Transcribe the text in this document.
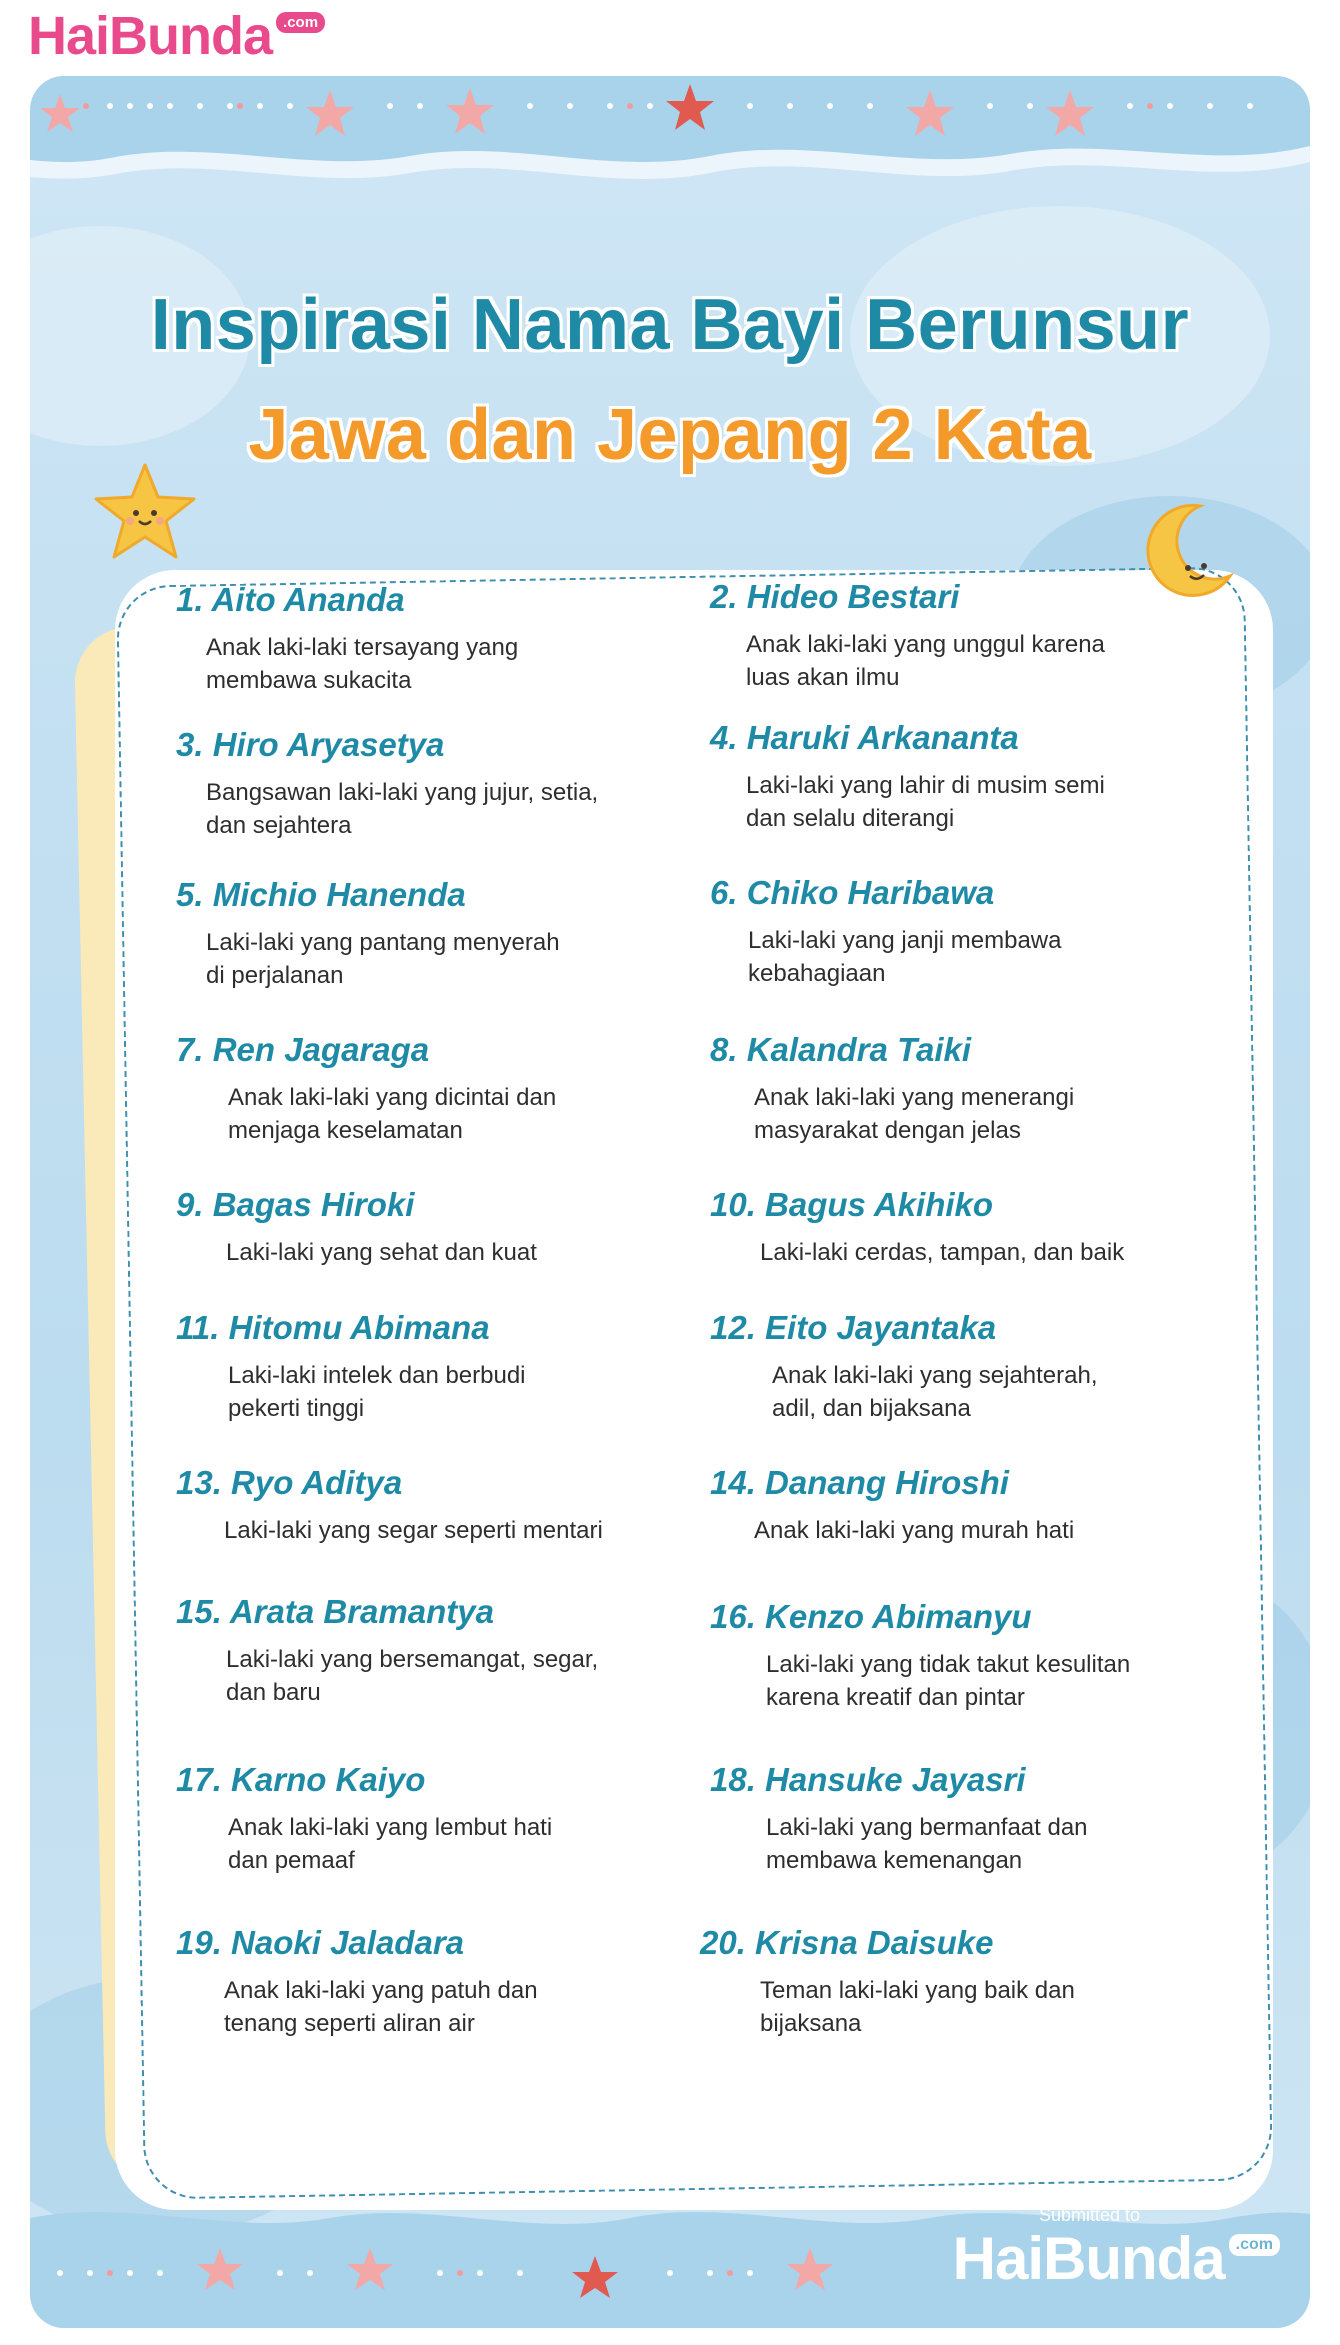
HaiBunda .com
Inspirasi Nama Bayi Berunsur
Jawa dan Jepang 2 Kata
1. Aito Ananda
Anak laki-laki tersayang yang
membawa sukacita
3. Hiro Aryasetya
Bangsawan laki-laki yang jujur, setia,
dan sejahtera
5. Michio Hanenda
Laki-laki yang pantang menyerah
di perjalanan
7. Ren Jagaraga
Anak laki-laki yang dicintai dan
menjaga keselamatan
9. Bagas Hiroki
Laki-laki yang sehat dan kuat
11. Hitomu Abimana
Laki-laki intelek dan berbudi
pekerti tinggi
13. Ryo Aditya
Laki-laki yang segar seperti mentari
15. Arata Bramantya
Laki-laki yang bersemangat, segar,
dan baru
17. Karno Kaiyo
Anak laki-laki yang lembut hati
dan pemaaf
19. Naoki Jaladara
Anak laki-laki yang patuh dan
tenang seperti aliran air
2. Hideo Bestari
Anak laki-laki yang unggul karena
luas akan ilmu
4. Haruki Arkananta
Laki-laki yang lahir di musim semi
dan selalu diterangi
6. Chiko Haribawa
Laki-laki yang janji membawa
kebahagiaan
8. Kalandra Taiki
Anak laki-laki yang menerangi
masyarakat dengan jelas
10. Bagus Akihiko
Laki-laki cerdas, tampan, dan baik
12. Eito Jayantaka
Anak laki-laki yang sejahterah,
adil, dan bijaksana
14. Danang Hiroshi
Anak laki-laki yang murah hati
16. Kenzo Abimanyu
Laki-laki yang tidak takut kesulitan
karena kreatif dan pintar
18. Hansuke Jayasri
Laki-laki yang bermanfaat dan
membawa kemenangan
20. Krisna Daisuke
Teman laki-laki yang baik dan
bijaksana
Submitted to
HaiBunda .com
